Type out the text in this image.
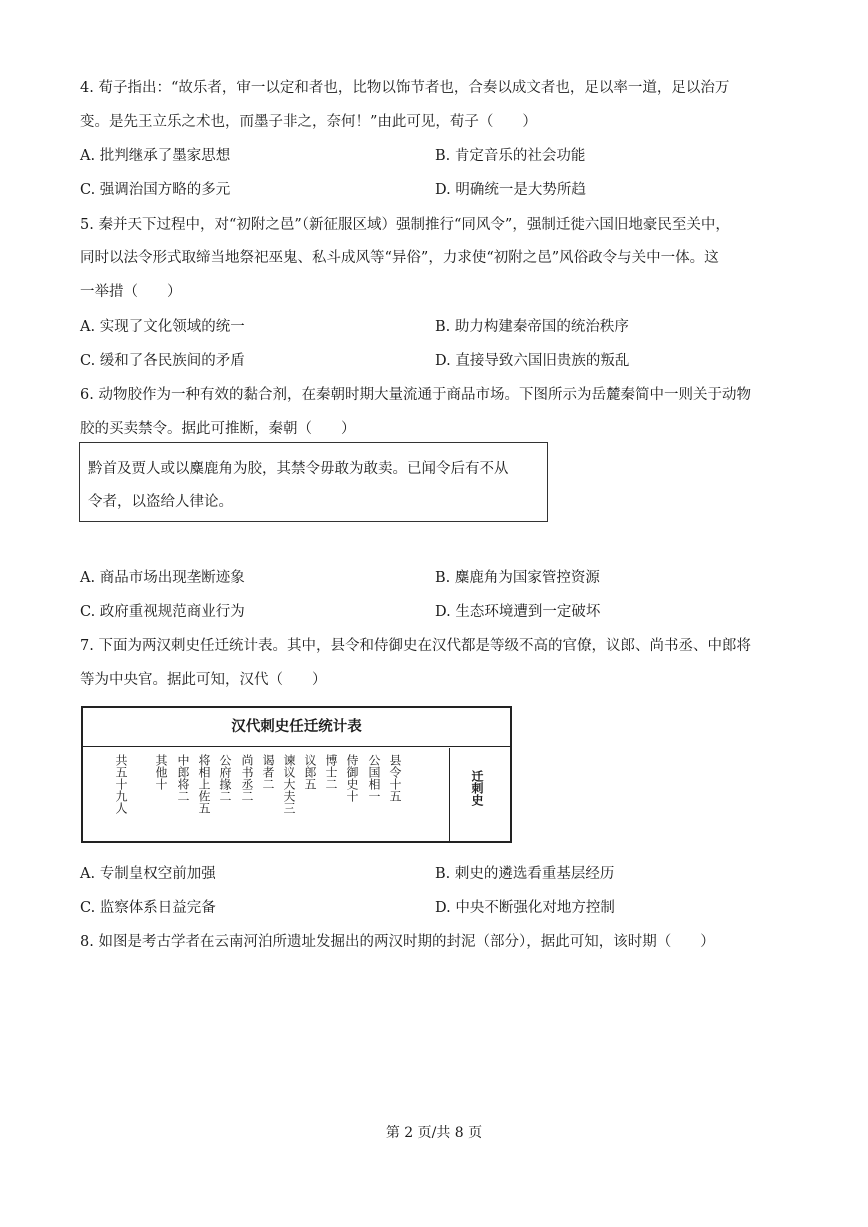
4. 荀子指出：“故乐者，审一以定和者也，比物以饰节者也，合奏以成文者也，足以率一道，足以治万
变。是先王立乐之术也，而墨子非之，奈何！”由此可见，荀子（　　）
A. 批判继承了墨家思想	B. 肯定音乐的社会功能
C. 强调治国方略的多元	D. 明确统一是大势所趋
5. 秦并天下过程中，对“初附之邑”（新征服区域）强制推行“同风令”，强制迁徙六国旧地豪民至关中，
同时以法令形式取缔当地祭祀巫鬼、私斗成风等“异俗”，力求使“初附之邑”风俗政令与关中一体。这
一举措（　　）
A. 实现了文化领域的统一	B. 助力构建秦帝国的统治秩序
C. 缓和了各民族间的矛盾	D. 直接导致六国旧贵族的叛乱
6. 动物胶作为一种有效的黏合剂，在秦朝时期大量流通于商品市场。下图所示为岳麓秦简中一则关于动物
胶的买卖禁令。据此可推断，秦朝（　　）
黔首及贾人或以麋鹿角为胶，其禁令毋敢为敢卖。已闻令后有不从
令者，以盗给人律论。
A. 商品市场出现垄断迹象	B. 麋鹿角为国家管控资源
C. 政府重视规范商业行为	D. 生态环境遭到一定破坏
7. 下面为两汉刺史任迁统计表。其中，县令和侍御史在汉代都是等级不高的官僚，议郎、尚书丞、中郎将
等为中央官。据此可知，汉代（　　）
汉代刺史任迁统计表
共五十九人 其他十 中郎将二 将相上佐五 公府掾二 尚书丞二 谒者二 谏议大夫三 议郎五 博士二 侍御史十 公国相一 县令十五	迁刺史
A. 专制皇权空前加强	B. 刺史的遴选看重基层经历
C. 监察体系日益完备	D. 中央不断强化对地方控制
8. 如图是考古学者在云南河泊所遗址发掘出的两汉时期的封泥（部分），据此可知，该时期（　　）
第 2 页/共 8 页
